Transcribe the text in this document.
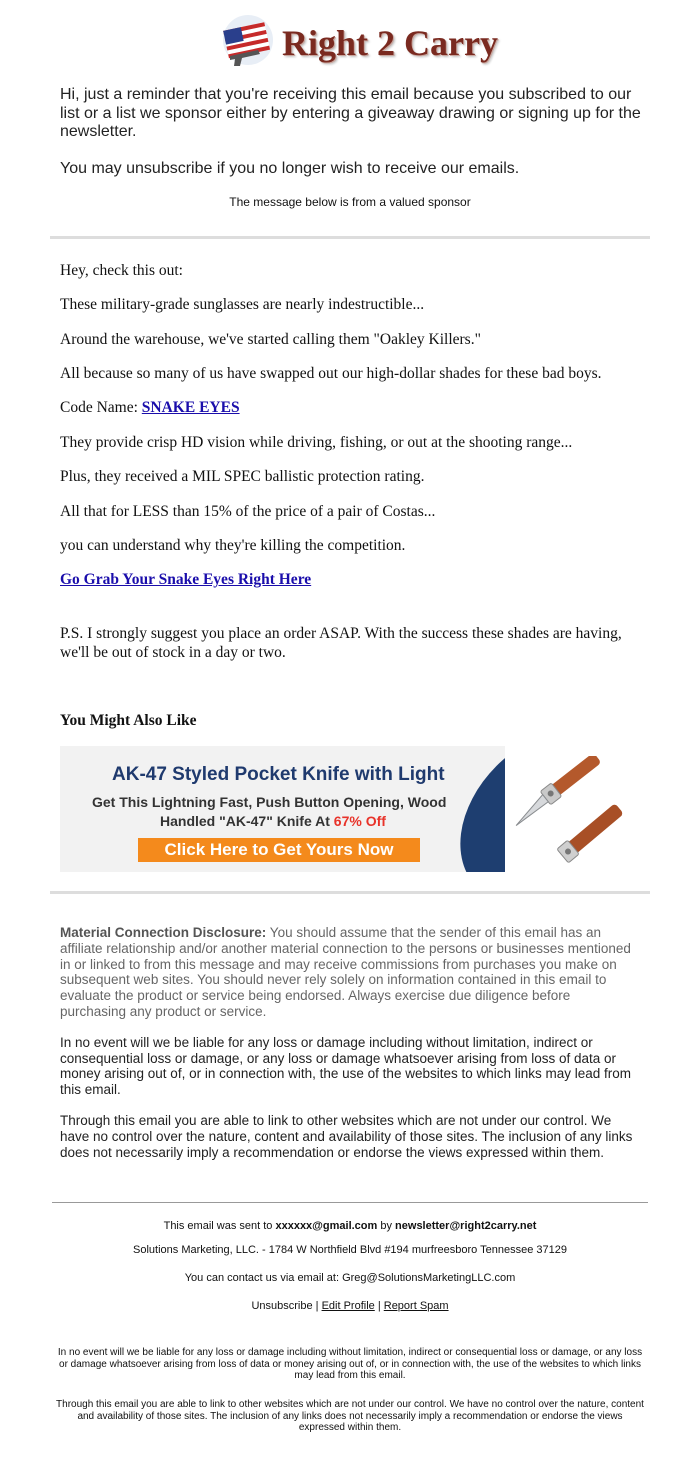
Right 2 Carry

Hi, just a reminder that you're receiving this email because you subscribed to our list or a list we sponsor either by entering a giveaway drawing or signing up for the newsletter.

You may unsubscribe if you no longer wish to receive our emails.

The message below is from a valued sponsor
Hey, check this out:
These military-grade sunglasses are nearly indestructible...
Around the warehouse, we've started calling them "Oakley Killers."
All because so many of us have swapped out our high-dollar shades for these bad boys.
Code Name: SNAKE EYES
They provide crisp HD vision while driving, fishing, or out at the shooting range...
Plus, they received a MIL SPEC ballistic protection rating.
All that for LESS than 15% of the price of a pair of Costas...
you can understand why they're killing the competition.
Go Grab Your Snake Eyes Right Here
P.S. I strongly suggest you place an order ASAP. With the success these shades are having, we'll be out of stock in a day or two.
You Might Also Like
AK-47 Styled Pocket Knife with Light
Get This Lightning Fast, Push Button Opening, Wood
Handled "AK-47" Knife At 67% Off
Click Here to Get Yours Now

Material Connection Disclosure: You should assume that the sender of this email has an affiliate relationship and/or another material connection to the persons or businesses mentioned in or linked to from this message and may receive commissions from purchases you make on subsequent web sites. You should never rely solely on information contained in this email to evaluate the product or service being endorsed. Always exercise due diligence before purchasing any product or service.

In no event will we be liable for any loss or damage including without limitation, indirect or consequential loss or damage, or any loss or damage whatsoever arising from loss of data or money arising out of, or in connection with, the use of the websites to which links may lead from this email.

Through this email you are able to link to other websites which are not under our control. We have no control over the nature, content and availability of those sites. The inclusion of any links does not necessarily imply a recommendation or endorse the views expressed within them.

This email was sent to xxxxxx@gmail.com by newsletter@right2carry.net
Solutions Marketing, LLC. - 1784 W Northfield Blvd #194 murfreesboro Tennessee 37129
You can contact us via email at: Greg@SolutionsMarketingLLC.com
Unsubscribe | Edit Profile | Report Spam
In no event will we be liable for any loss or damage including without limitation, indirect or consequential loss or damage, or any loss or damage whatsoever arising from loss of data or money arising out of, or in connection with, the use of the websites to which links may lead from this email.
Through this email you are able to link to other websites which are not under our control. We have no control over the nature, content and availability of those sites. The inclusion of any links does not necessarily imply a recommendation or endorse the views expressed within them.
